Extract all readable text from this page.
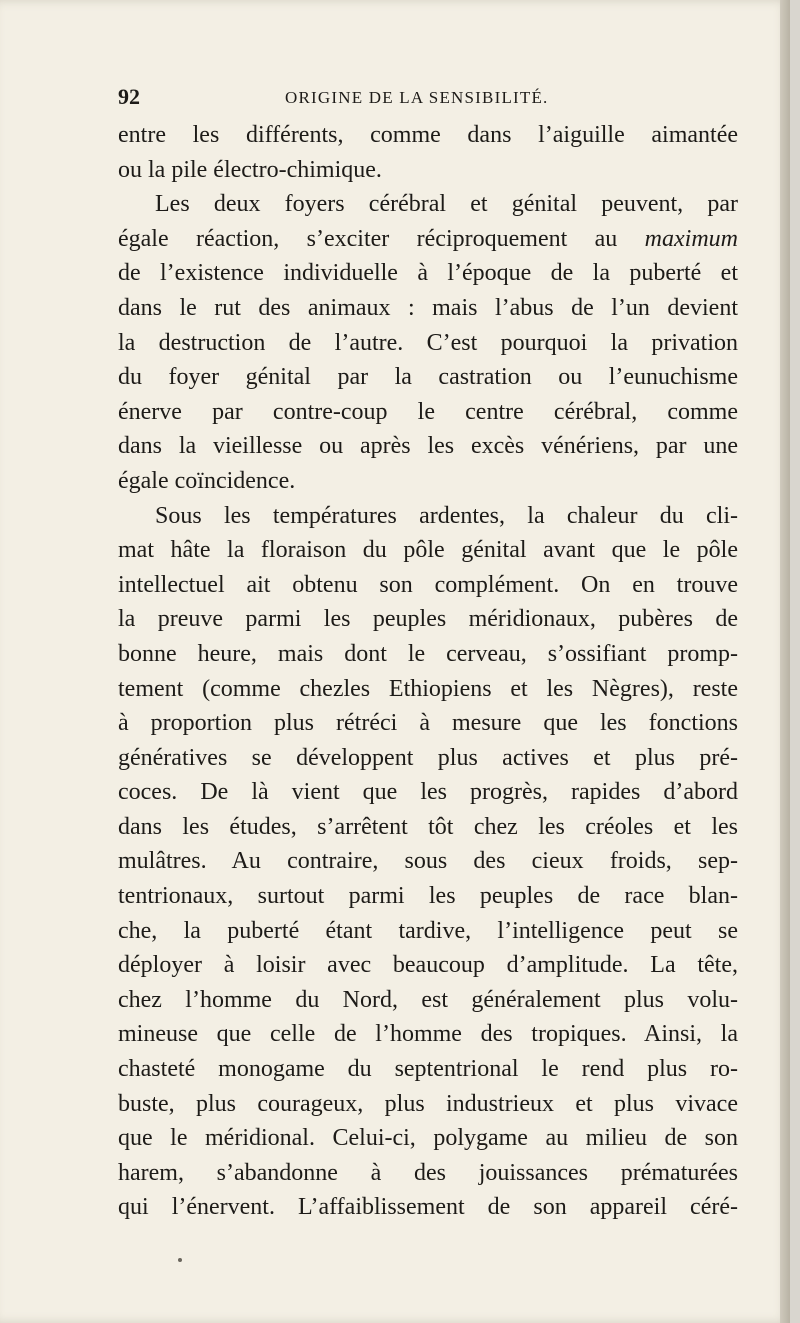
92	ORIGINE DE LA SENSIBILITÉ.
entre les différents, comme dans l’aiguille aimantée
ou la pile électro-chimique.
Les deux foyers cérébral et génital peuvent, par
égale réaction, s’exciter réciproquement au maximum
de l’existence individuelle à l’époque de la puberté et
dans le rut des animaux : mais l’abus de l’un devient
la destruction de l’autre. C’est pourquoi la privation
du foyer génital par la castration ou l’eunuchisme
énerve par contre-coup le centre cérébral, comme
dans la vieillesse ou après les excès vénériens, par une
égale coïncidence.
Sous les températures ardentes, la chaleur du cli-
mat hâte la floraison du pôle génital avant que le pôle
intellectuel ait obtenu son complément. On en trouve
la preuve parmi les peuples méridionaux, pubères de
bonne heure, mais dont le cerveau, s’ossifiant promp-
tement (comme chezles Ethiopiens et les Nègres), reste
à proportion plus rétréci à mesure que les fonctions
génératives se développent plus actives et plus pré-
coces. De là vient que les progrès, rapides d’abord
dans les études, s’arrêtent tôt chez les créoles et les
mulâtres. Au contraire, sous des cieux froids, sep-
tentrionaux, surtout parmi les peuples de race blan-
che, la puberté étant tardive, l’intelligence peut se
déployer à loisir avec beaucoup d’amplitude. La tête,
chez l’homme du Nord, est généralement plus volu-
mineuse que celle de l’homme des tropiques. Ainsi, la
chasteté monogame du septentrional le rend plus ro-
buste, plus courageux, plus industrieux et plus vivace
que le méridional. Celui-ci, polygame au milieu de son
harem, s’abandonne à des jouissances prématurées
qui l’énervent. L’affaiblissement de son appareil céré-
